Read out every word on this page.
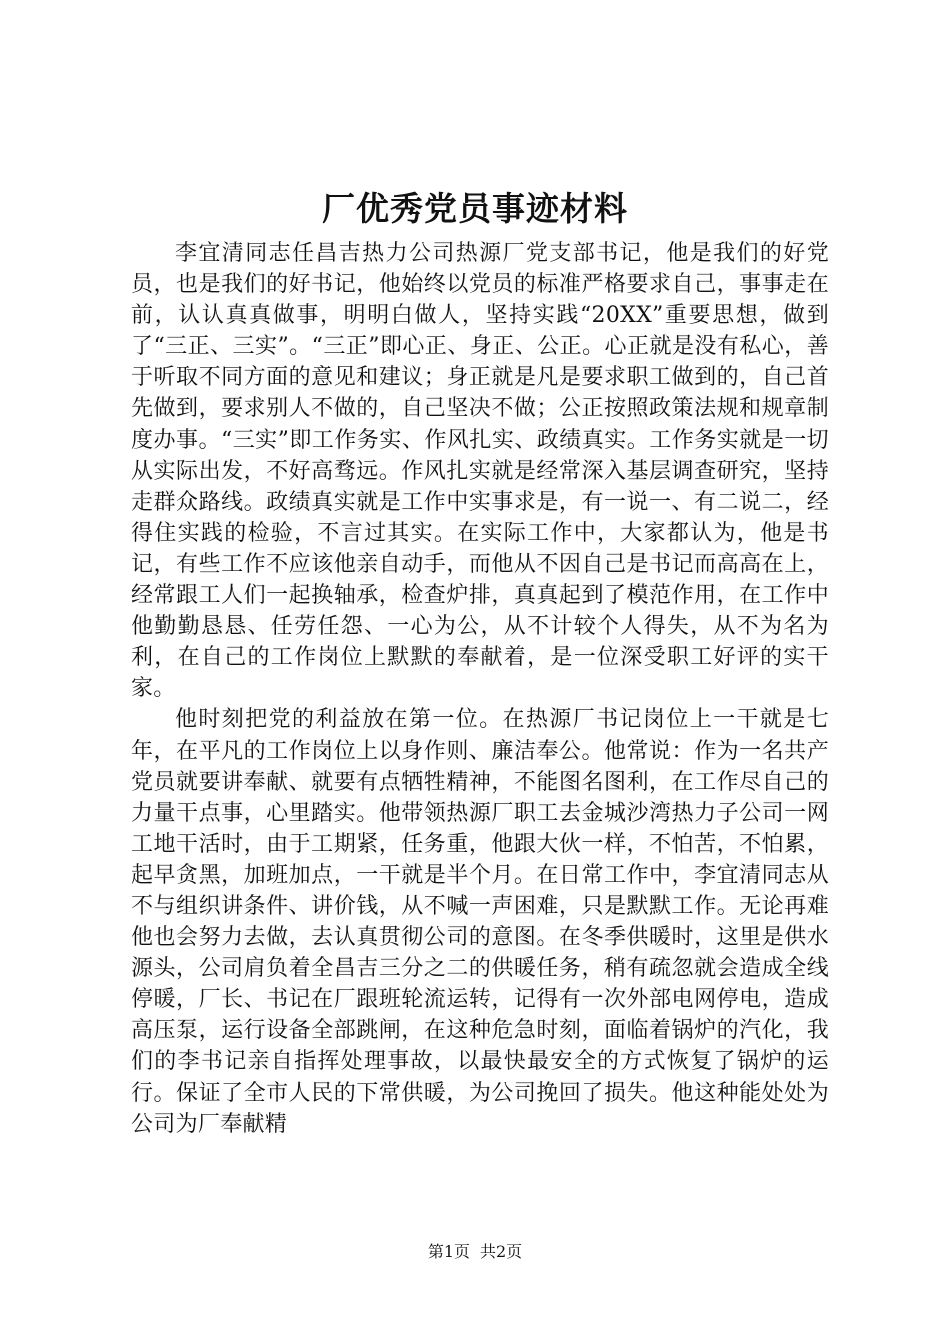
厂优秀党员事迹材料

李宜清同志任昌吉热力公司热源厂党支部书记，他是我们的好党员，也是我们的好书记，他始终以党员的标准严格要求自己，事事走在前，认认真真做事，明明白做人，坚持实践“20XX”重要思想，做到了“三正、三实”。“三正”即心正、身正、公正。心正就是没有私心，善于听取不同方面的意见和建议；身正就是凡是要求职工做到的，自己首先做到，要求别人不做的，自己坚决不做；公正按照政策法规和规章制度办事。“三实”即工作务实、作风扎实、政绩真实。工作务实就是一切从实际出发，不好高骛远。作风扎实就是经常深入基层调查研究，坚持走群众路线。政绩真实就是工作中实事求是，有一说一、有二说二，经得住实践的检验，不言过其实。在实际工作中，大家都认为，他是书记，有些工作不应该他亲自动手，而他从不因自己是书记而高高在上，经常跟工人们一起换轴承，检查炉排，真真起到了模范作用，在工作中他勤勤恳恳、任劳任怨、一心为公，从不计较个人得失，从不为名为利，在自己的工作岗位上默默的奉献着，是一位深受职工好评的实干家。

他时刻把党的利益放在第一位。在热源厂书记岗位上一干就是七年，在平凡的工作岗位上以身作则、廉洁奉公。他常说：作为一名共产党员就要讲奉献、就要有点牺牲精神，不能图名图利，在工作尽自己的力量干点事，心里踏实。他带领热源厂职工去金城沙湾热力子公司一网工地干活时，由于工期紧，任务重，他跟大伙一样，不怕苦，不怕累，起早贪黑，加班加点，一干就是半个月。在日常工作中，李宜清同志从不与组织讲条件、讲价钱，从不喊一声困难，只是默默工作。无论再难他也会努力去做，去认真贯彻公司的意图。在冬季供暖时，这里是供水源头，公司肩负着全昌吉三分之二的供暖任务，稍有疏忽就会造成全线停暖，厂长、书记在厂跟班轮流运转，记得有一次外部电网停电，造成高压泵，运行设备全部跳闸，在这种危急时刻，面临着锅炉的汽化，我们的李书记亲自指挥处理事故，以最快最安全的方式恢复了锅炉的运行。保证了全市人民的下常供暖，为公司挽回了损失。他这种能处处为公司为厂奉献精

第1页 共2页
